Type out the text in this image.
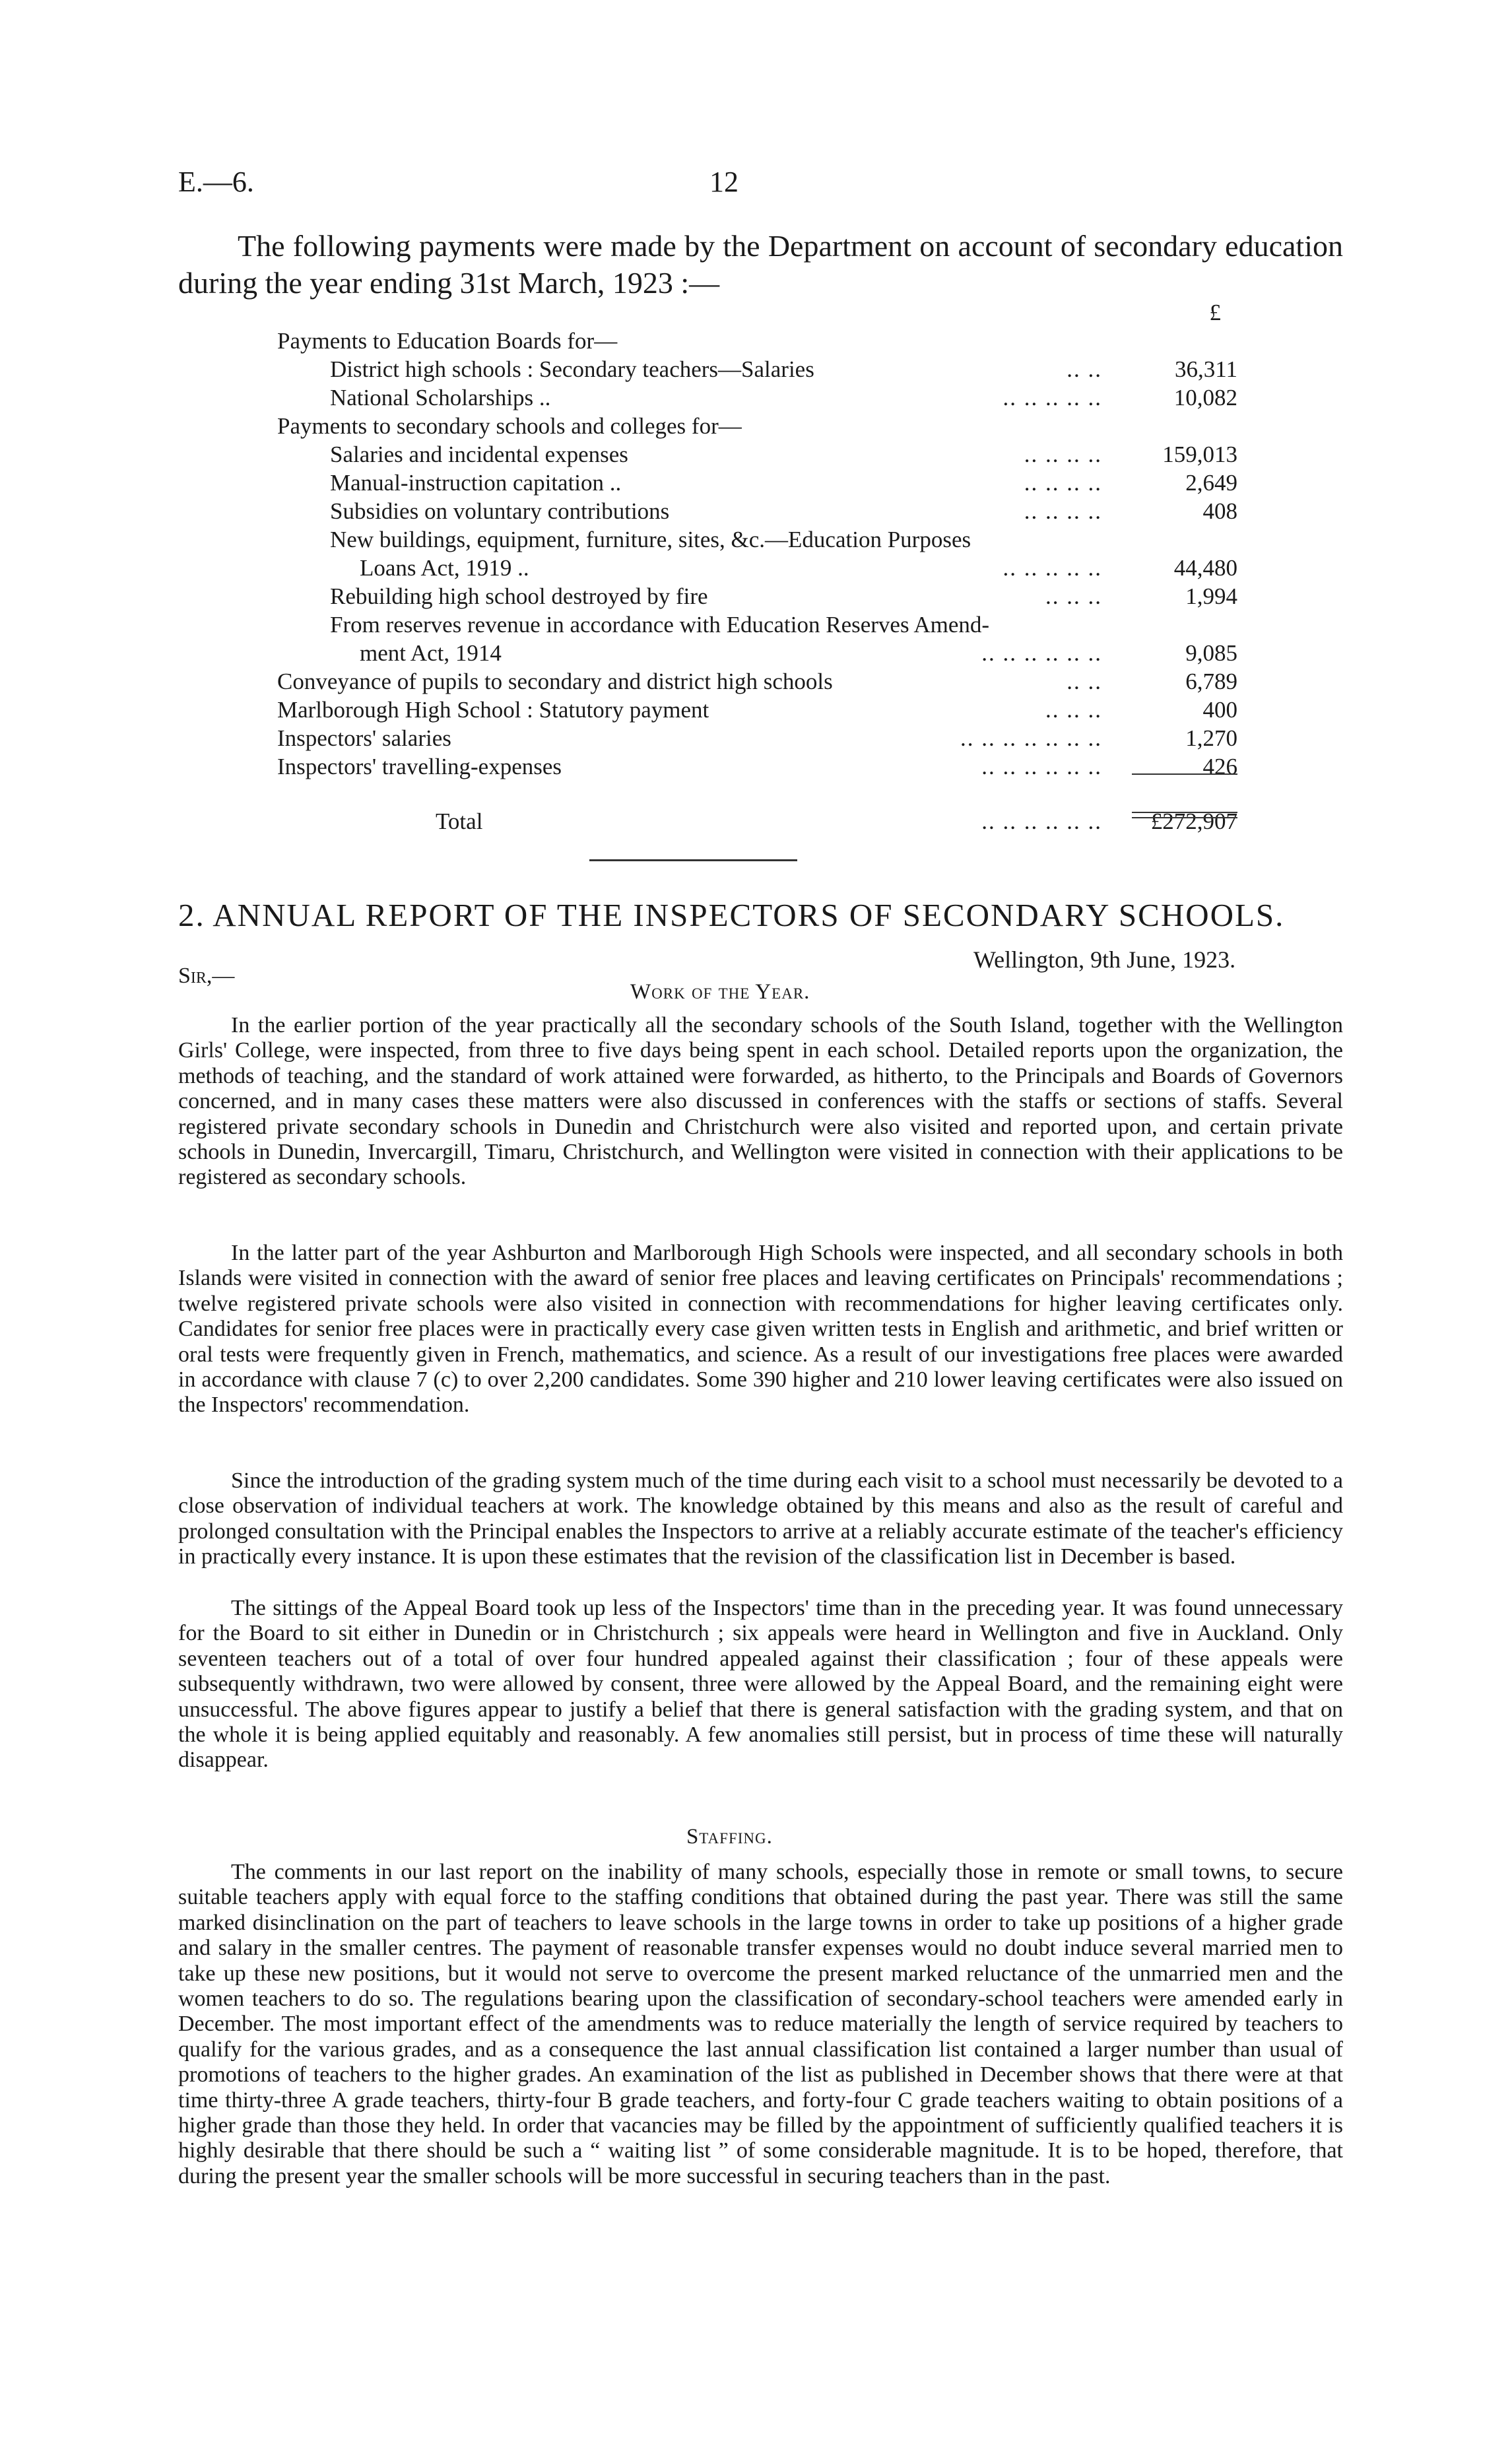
E.—6.	12

The following payments were made by the Department on account of secondary education during the year ending 31st March, 1923 :—

£
Payments to Education Boards for—
District high schools : Secondary teachers—Salaries	.. ..	36,311
National Scholarships ..	.. .. .. .. ..	10,082
Payments to secondary schools and colleges for—
Salaries and incidental expenses	.. .. .. ..	159,013
Manual-instruction capitation ..	.. .. .. ..	2,649
Subsidies on voluntary contributions	.. .. .. ..	408
New buildings, equipment, furniture, sites, &c.—Education Purposes
Loans Act, 1919 ..	.. .. .. .. ..	44,480
Rebuilding high school destroyed by fire	.. .. ..	1,994
From reserves revenue in accordance with Education Reserves Amend-
ment Act, 1914	.. .. .. .. .. ..	9,085
Conveyance of pupils to secondary and district high schools	.. ..	6,789
Marlborough High School : Statutory payment	.. .. ..	400
Inspectors' salaries	.. .. .. .. .. .. ..	1,270
Inspectors' travelling-expenses	.. .. .. .. .. ..	426
Total	.. .. .. .. .. .. £272,907
2. ANNUAL REPORT OF THE INSPECTORS OF SECONDARY SCHOOLS.
Wellington, 9th June, 1923.
Sir,—
Work of the Year.

In the earlier portion of the year practically all the secondary schools of the South Island, together with the Wellington Girls' College, were inspected, from three to five days being spent in each school. Detailed reports upon the organization, the methods of teaching, and the standard of work attained were forwarded, as hitherto, to the Principals and Boards of Governors concerned, and in many cases these matters were also discussed in conferences with the staffs or sections of staffs. Several registered private secondary schools in Dunedin and Christchurch were also visited and reported upon, and certain private schools in Dunedin, Invercargill, Timaru, Christchurch, and Wellington were visited in connection with their applications to be registered as secondary schools.

In the latter part of the year Ashburton and Marlborough High Schools were inspected, and all secondary schools in both Islands were visited in connection with the award of senior free places and leaving certificates on Principals' recommendations ; twelve registered private schools were also visited in connection with recommendations for higher leaving certificates only. Candidates for senior free places were in practically every case given written tests in English and arithmetic, and brief written or oral tests were frequently given in French, mathematics, and science. As a result of our investigations free places were awarded in accordance with clause 7 (c) to over 2,200 candidates. Some 390 higher and 210 lower leaving certificates were also issued on the Inspectors' recommendation.

Since the introduction of the grading system much of the time during each visit to a school must necessarily be devoted to a close observation of individual teachers at work. The knowledge obtained by this means and also as the result of careful and prolonged consultation with the Principal enables the Inspectors to arrive at a reliably accurate estimate of the teacher's efficiency in practically every instance. It is upon these estimates that the revision of the classification list in December is based.

The sittings of the Appeal Board took up less of the Inspectors' time than in the preceding year. It was found unnecessary for the Board to sit either in Dunedin or in Christchurch ; six appeals were heard in Wellington and five in Auckland. Only seventeen teachers out of a total of over four hundred appealed against their classification ; four of these appeals were subsequently withdrawn, two were allowed by consent, three were allowed by the Appeal Board, and the remaining eight were unsuccessful. The above figures appear to justify a belief that there is general satisfaction with the grading system, and that on the whole it is being applied equitably and reasonably. A few anomalies still persist, but in process of time these will naturally disappear.

Staffing.

The comments in our last report on the inability of many schools, especially those in remote or small towns, to secure suitable teachers apply with equal force to the staffing conditions that obtained during the past year. There was still the same marked disinclination on the part of teachers to leave schools in the large towns in order to take up positions of a higher grade and salary in the smaller centres. The payment of reasonable transfer expenses would no doubt induce several married men to take up these new positions, but it would not serve to overcome the present marked reluctance of the unmarried men and the women teachers to do so. The regulations bearing upon the classification of secondary-school teachers were amended early in December. The most important effect of the amendments was to reduce materially the length of service required by teachers to qualify for the various grades, and as a consequence the last annual classification list contained a larger number than usual of promotions of teachers to the higher grades. An examination of the list as published in December shows that there were at that time thirty-three A grade teachers, thirty-four B grade teachers, and forty-four C grade teachers waiting to obtain positions of a higher grade than those they held. In order that vacancies may be filled by the appointment of sufficiently qualified teachers it is highly desirable that there should be such a “ waiting list ” of some considerable magnitude. It is to be hoped, therefore, that during the present year the smaller schools will be more successful in securing teachers than in the past.
